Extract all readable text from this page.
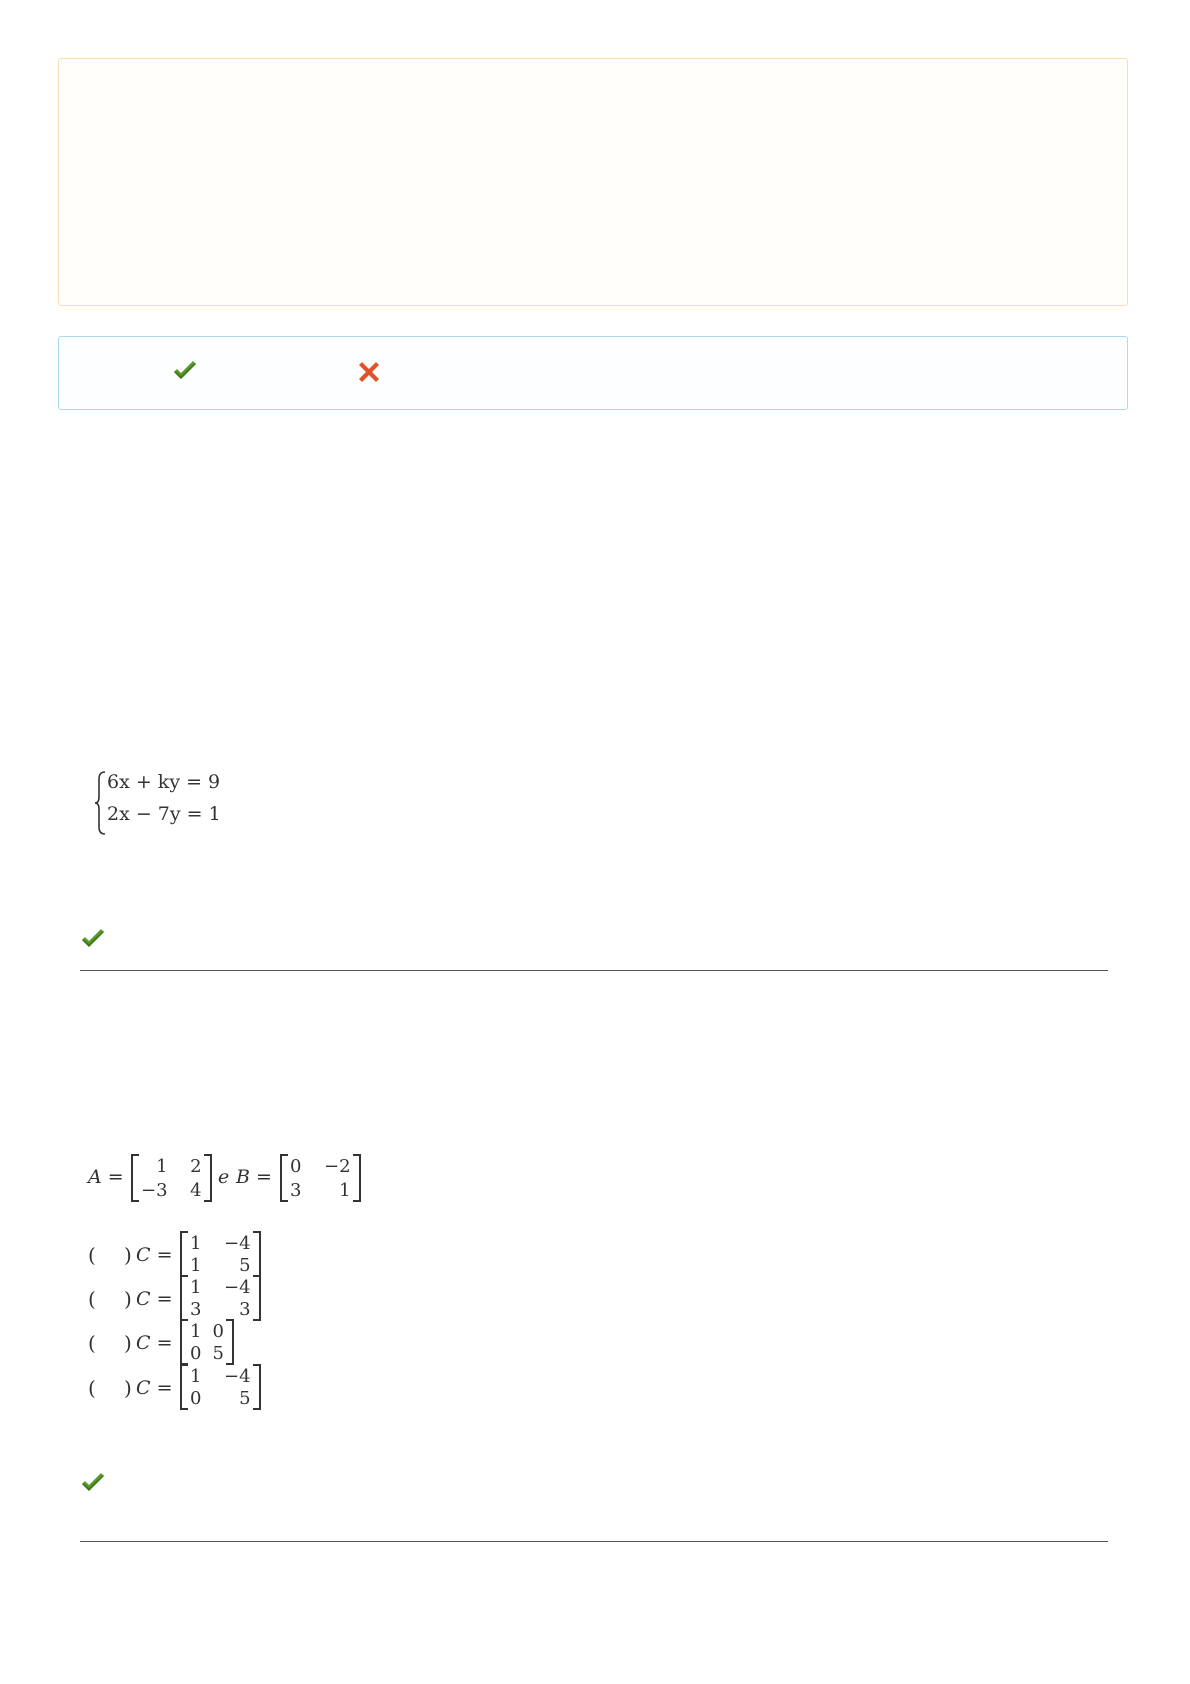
6x + ky = 9
2x − 7y = 1
A =	1 2
−3 4
e B = 0 −2
3	1
( ) C =
1 −4
1	5
( ) C =
1 −4
3	3
( ) C =
1 0
0 5
( ) C =
1 −4
0	5
